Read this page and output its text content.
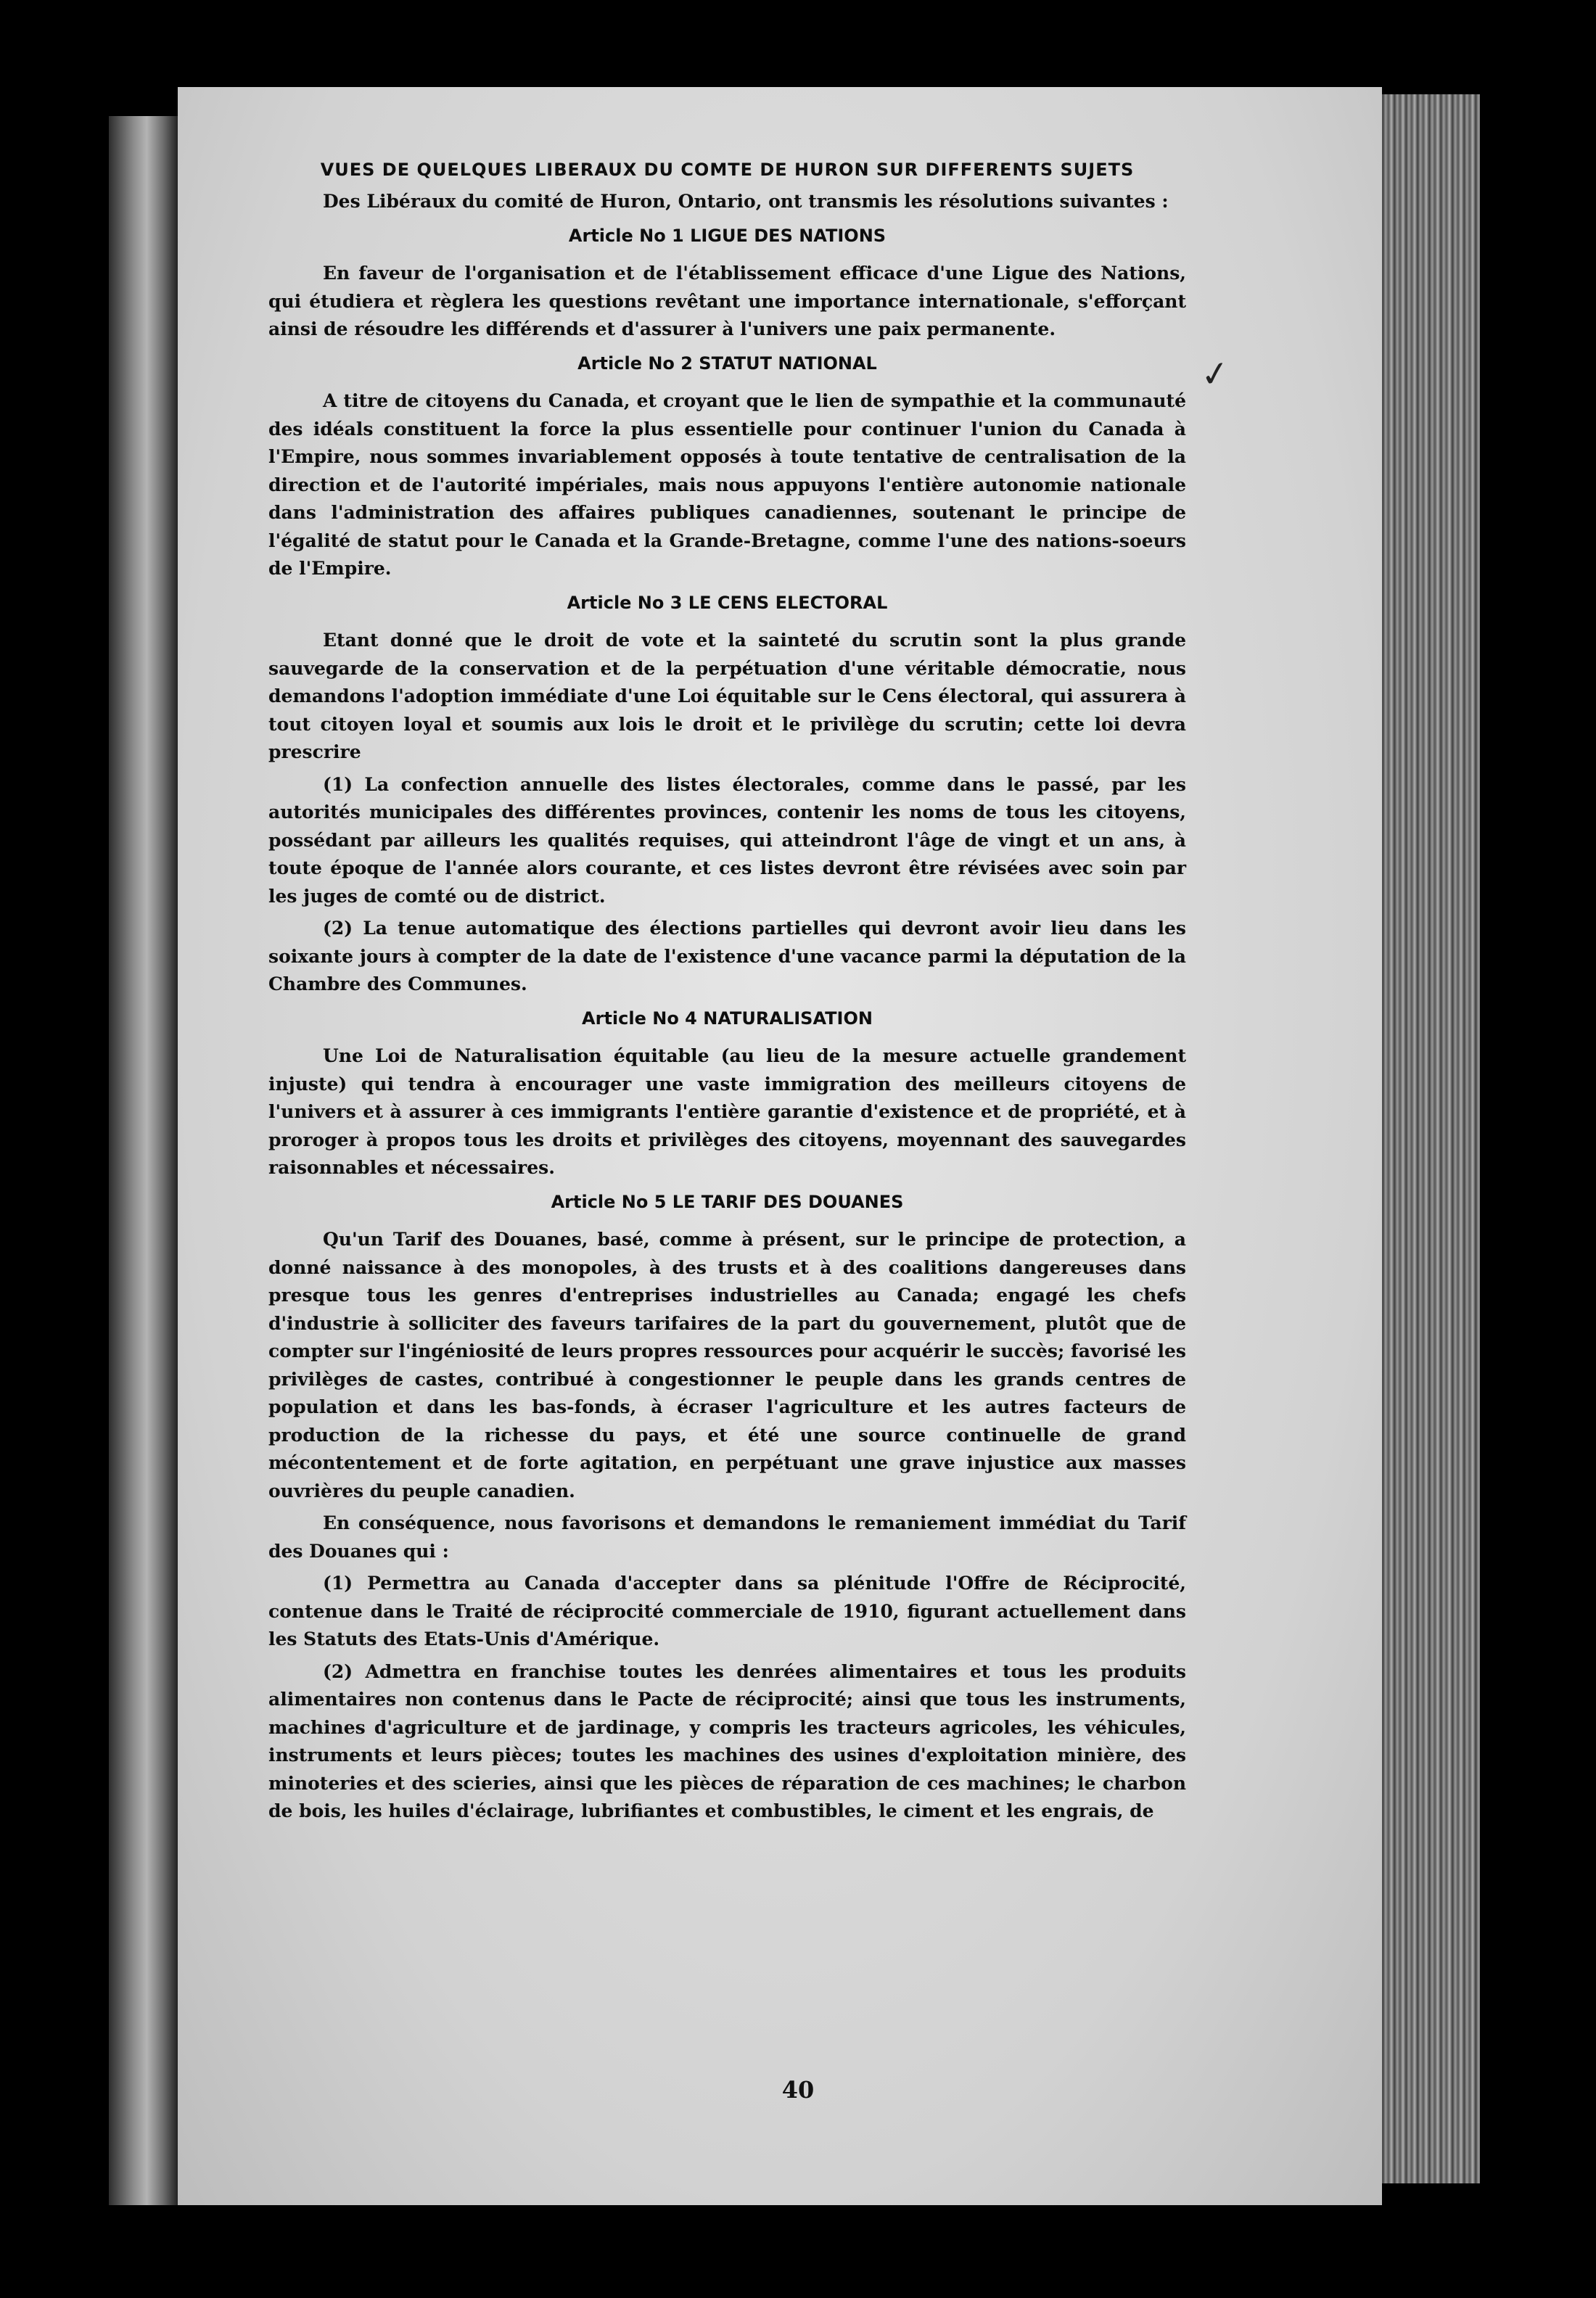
✓
VUES DE QUELQUES LIBERAUX DU COMTE DE HURON SUR DIFFERENTS SUJETS

Des Libéraux du comité de Huron, Ontario, ont transmis les résolutions suivantes :

Article No 1 LIGUE DES NATIONS

En faveur de l'organisation et de l'établissement efficace d'une Ligue des Nations, qui étudiera et règlera les questions revêtant une importance internationale, s'efforçant ainsi de résoudre les différends et d'assurer à l'univers une paix permanente.

Article No 2 STATUT NATIONAL

A titre de citoyens du Canada, et croyant que le lien de sympathie et la communauté des idéals constituent la force la plus essentielle pour continuer l'union du Canada à l'Empire, nous sommes invariablement opposés à toute tentative de centralisation de la direction et de l'autorité impériales, mais nous appuyons l'entière autonomie nationale dans l'administration des affaires publiques canadiennes, soutenant le principe de l'égalité de statut pour le Canada et la Grande-Bretagne, comme l'une des nations-soeurs de l'Empire.

Article No 3 LE CENS ELECTORAL

Etant donné que le droit de vote et la sainteté du scrutin sont la plus grande sauvegarde de la conservation et de la perpétuation d'une véritable démocratie, nous demandons l'adoption immédiate d'une Loi équitable sur le Cens électoral, qui assurera à tout citoyen loyal et soumis aux lois le droit et le privilège du scrutin; cette loi devra prescrire

(1) La confection annuelle des listes électorales, comme dans le passé, par les autorités municipales des différentes provinces, contenir les noms de tous les citoyens, possédant par ailleurs les qualités requises, qui atteindront l'âge de vingt et un ans, à toute époque de l'année alors courante, et ces listes devront être révisées avec soin par les juges de comté ou de district.

(2) La tenue automatique des élections partielles qui devront avoir lieu dans les soixante jours à compter de la date de l'existence d'une vacance parmi la députation de la Chambre des Communes.

Article No 4 NATURALISATION

Une Loi de Naturalisation équitable (au lieu de la mesure actuelle grandement injuste) qui tendra à encourager une vaste immigration des meilleurs citoyens de l'univers et à assurer à ces immigrants l'entière garantie d'existence et de propriété, et à proroger à propos tous les droits et privilèges des citoyens, moyennant des sauvegardes raisonnables et nécessaires.

Article No 5 LE TARIF DES DOUANES

Qu'un Tarif des Douanes, basé, comme à présent, sur le principe de protection, a donné naissance à des monopoles, à des trusts et à des coalitions dangereuses dans presque tous les genres d'entreprises industrielles au Canada; engagé les chefs d'industrie à solliciter des faveurs tarifaires de la part du gouvernement, plutôt que de compter sur l'ingéniosité de leurs propres ressources pour acquérir le succès; favorisé les privilèges de castes, contribué à congestionner le peuple dans les grands centres de population et dans les bas-fonds, à écraser l'agriculture et les autres facteurs de production de la richesse du pays, et été une source continuelle de grand mécontentement et de forte agitation, en perpétuant une grave injustice aux masses ouvrières du peuple canadien.

En conséquence, nous favorisons et demandons le remaniement immédiat du Tarif des Douanes qui :

(1) Permettra au Canada d'accepter dans sa plénitude l'Offre de Réciprocité, contenue dans le Traité de réciprocité commerciale de 1910, figurant actuellement dans les Statuts des Etats-Unis d'Amérique.

(2) Admettra en franchise toutes les denrées alimentaires et tous les produits alimentaires non contenus dans le Pacte de réciprocité; ainsi que tous les instruments, machines d'agriculture et de jardinage, y compris les tracteurs agricoles, les véhicules, instruments et leurs pièces; toutes les machines des usines d'exploitation minière, des minoteries et des scieries, ainsi que les pièces de réparation de ces machines; le charbon de bois, les huiles d'éclairage, lubrifiantes et combustibles, le ciment et les engrais, de

40
